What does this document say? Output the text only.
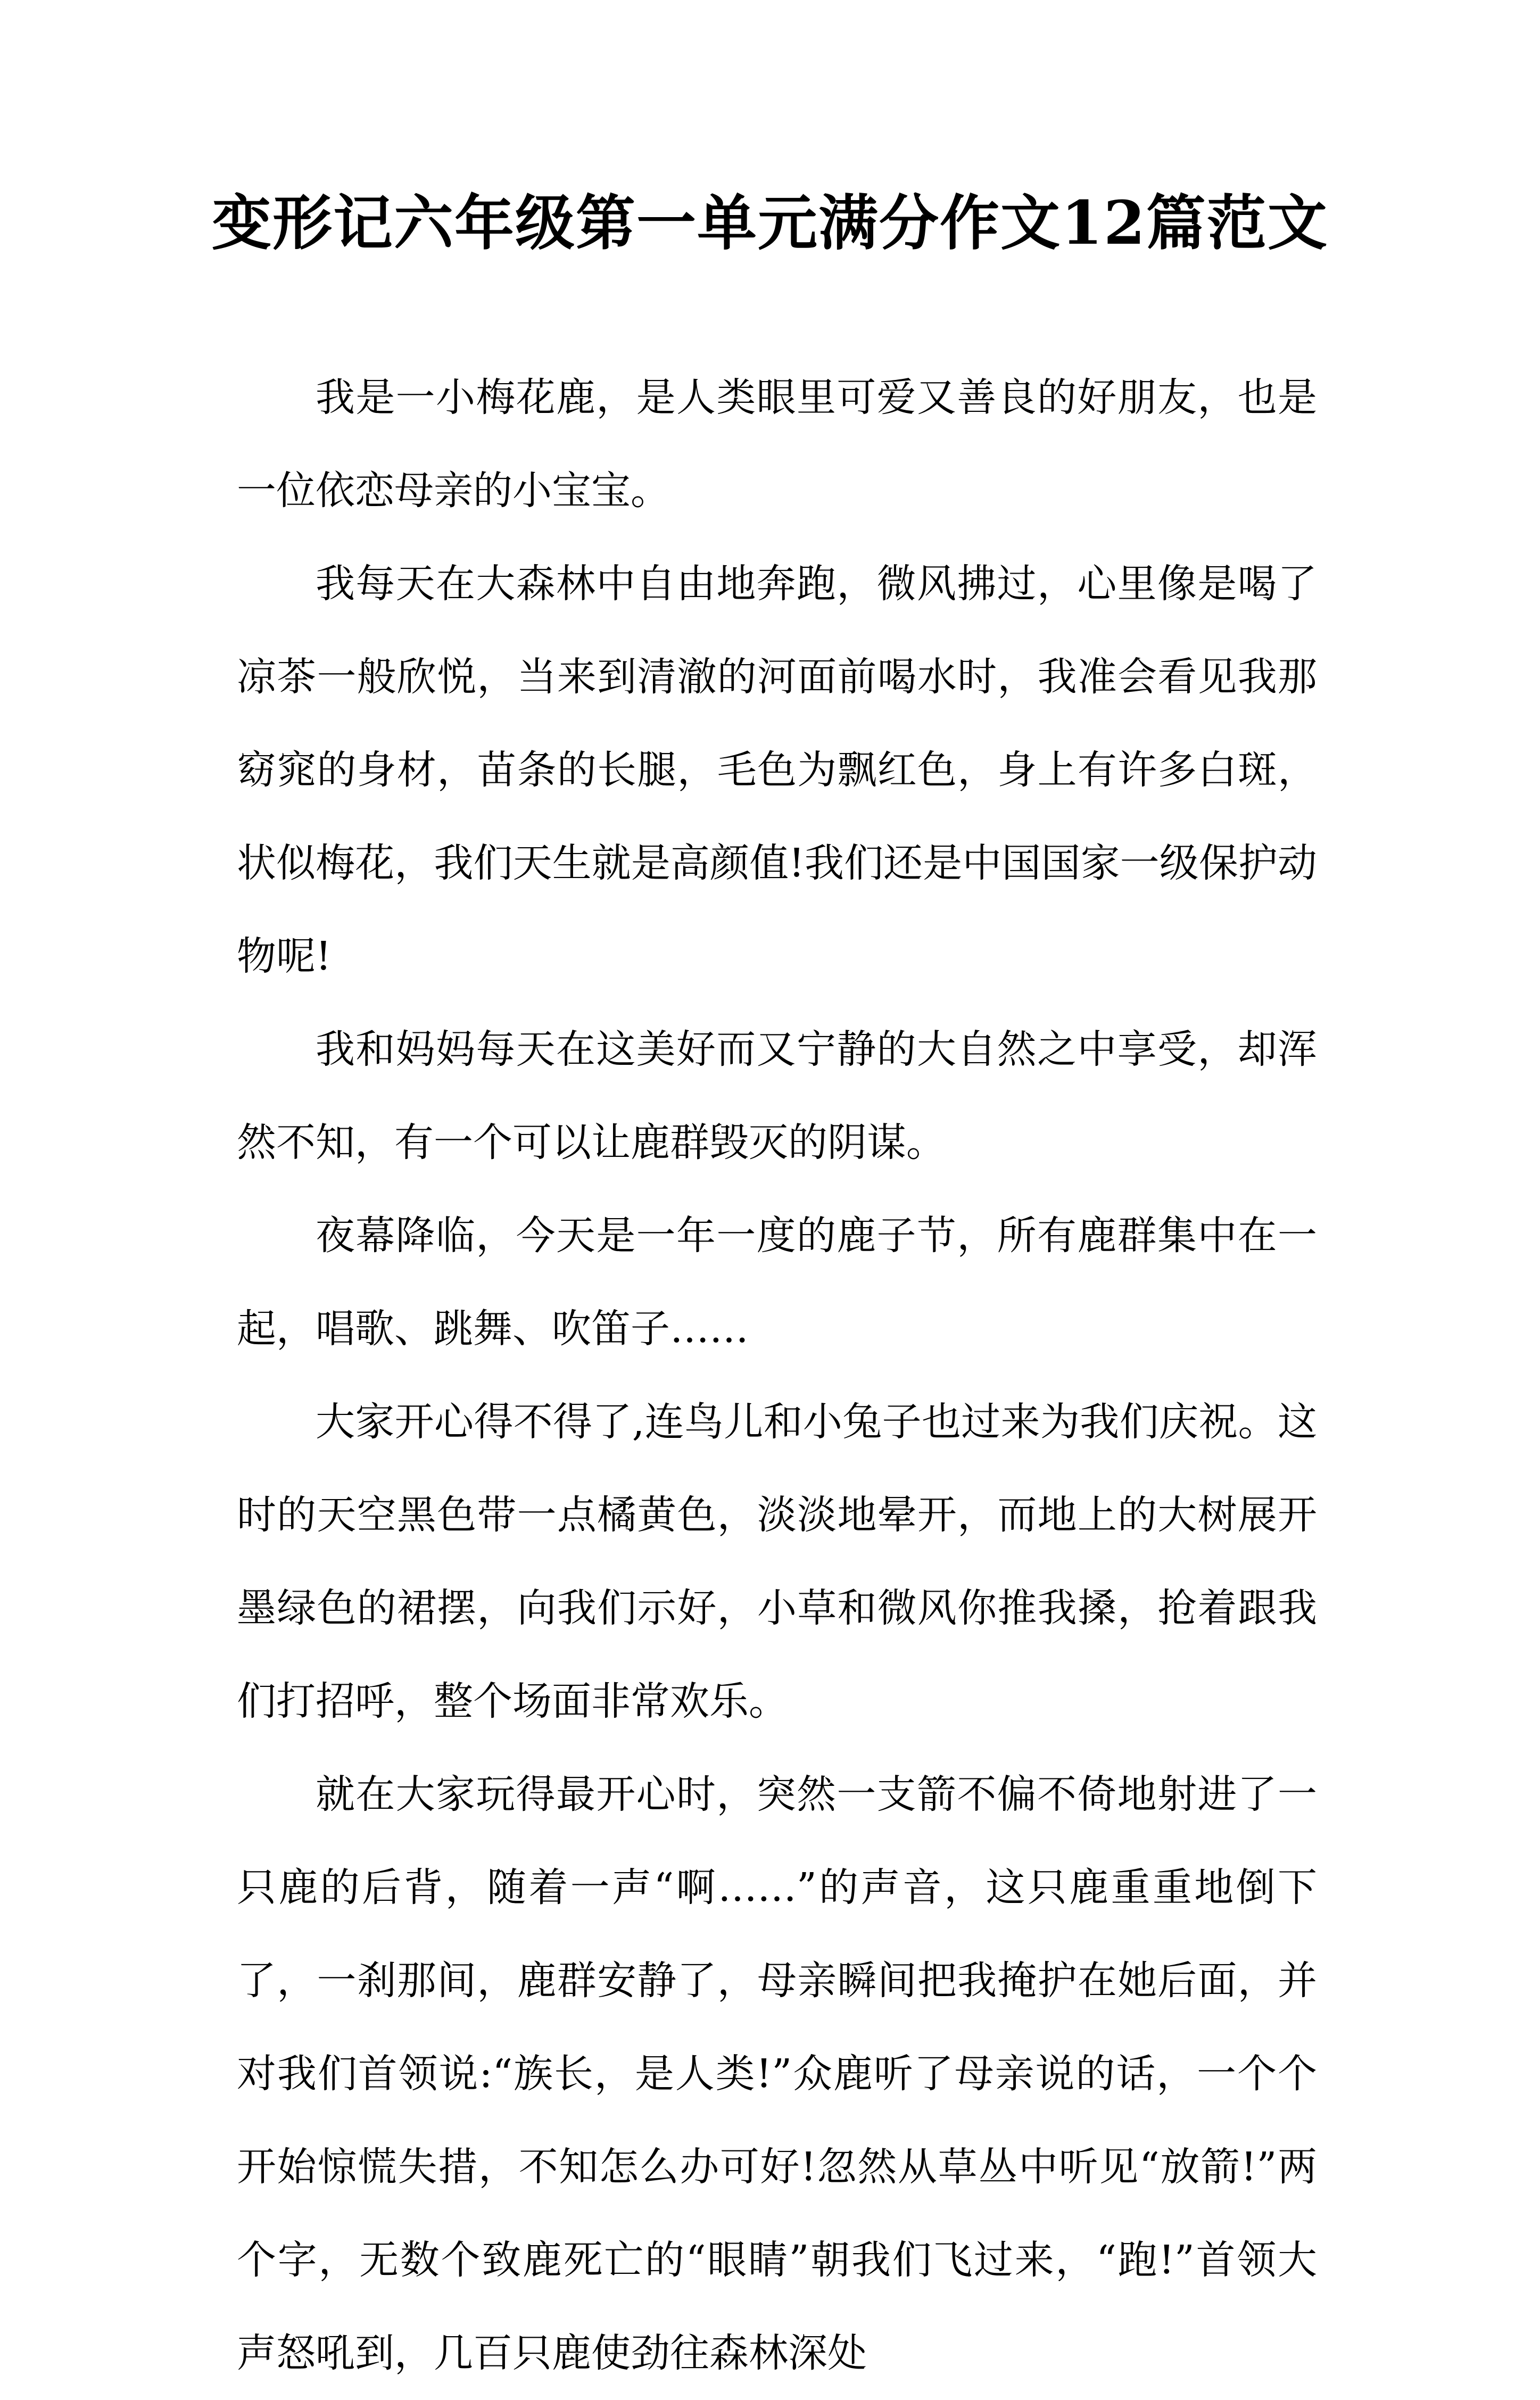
变形记六年级第一单元满分作文12篇范文

我是一小梅花鹿，是人类眼里可爱又善良的好朋友，也是一位依恋母亲的小宝宝。

我每天在大森林中自由地奔跑，微风拂过，心里像是喝了凉茶一般欣悦，当来到清澈的河面前喝水时，我准会看见我那窈窕的身材，苗条的长腿，毛色为飘红色，身上有许多白斑，状似梅花，我们天生就是高颜值!我们还是中国国家一级保护动物呢!

我和妈妈每天在这美好而又宁静的大自然之中享受，却浑然不知，有一个可以让鹿群毁灭的阴谋。

夜幕降临，今天是一年一度的鹿子节，所有鹿群集中在一起，唱歌、跳舞、吹笛子……

大家开心得不得了,连鸟儿和小兔子也过来为我们庆祝。这时的天空黑色带一点橘黄色，淡淡地晕开，而地上的大树展开墨绿色的裙摆，向我们示好，小草和微风你推我搡，抢着跟我们打招呼，整个场面非常欢乐。

就在大家玩得最开心时，突然一支箭不偏不倚地射进了一只鹿的后背，随着一声“啊……”的声音，这只鹿重重地倒下了，一刹那间，鹿群安静了，母亲瞬间把我掩护在她后面，并对我们首领说:“族长，是人类!”众鹿听了母亲说的话，一个个开始惊慌失措，不知怎么办可好!忽然从草丛中听见“放箭!”两个字，无数个致鹿死亡的“眼睛”朝我们飞过来，“跑!”首领大声怒吼到，几百只鹿使劲往森林深处
